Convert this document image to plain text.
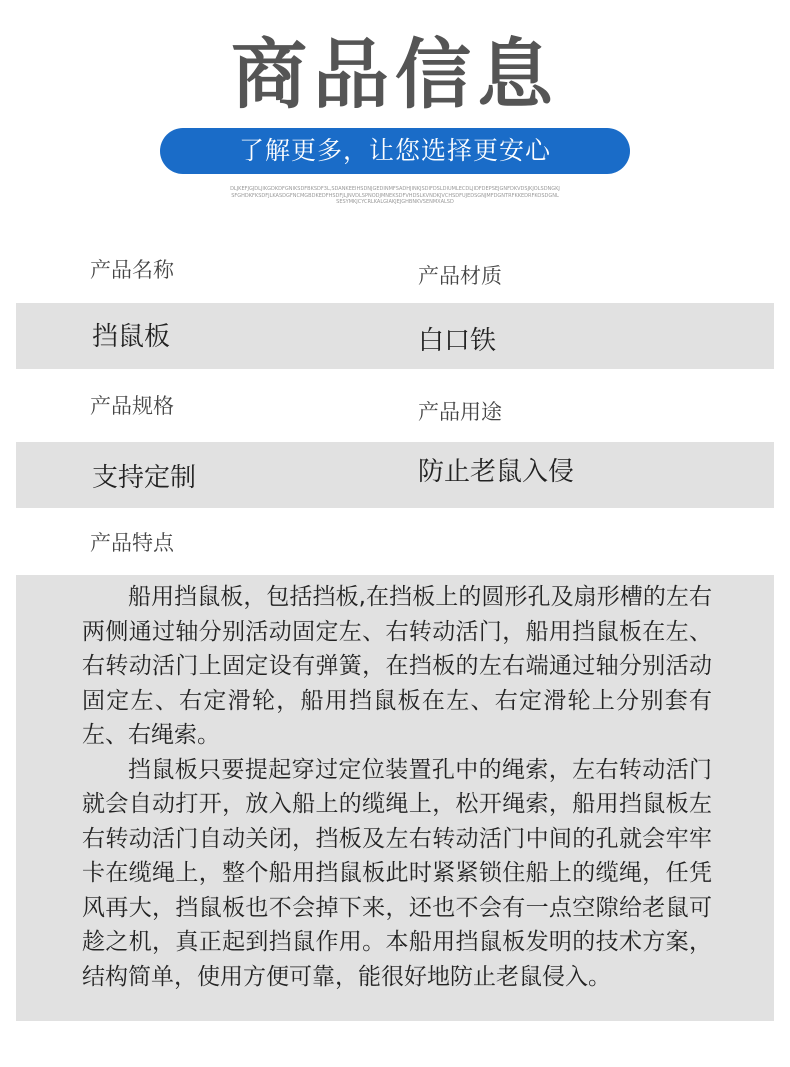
商品信息
了解更多，让您选择更安心
DLJKEFJGJDLJIKGDKDFGNIKSDFBKSDF3L,SDANKEEIHSDNJGEDINMFSADHJINKJSDIFDSLDIUMLECDLJIDFDEPSEJGNFDKVDSJKJOLSDNGKJSFGHDKFKSDFJLKASDGFNCMGBDKEDFHSDFJLJNVDLSPNODJMNEKSDFVHDSLKVNDKJVCHSDFUJEDSGNJMFDGNTRFKKEDRFKOSDGNLSESYMKJCYCRLKALGIAKJEJGHBNKVSENMXALSD
产品名称	产品材质
挡鼠板	白口铁
产品规格	产品用途
支持定制	防止老鼠入侵
产品特点

船用挡鼠板，包括挡板,在挡板上的圆形孔及扇形槽的左右两侧通过轴分别活动固定左、右转动活门，船用挡鼠板在左、右转动活门上固定设有弹簧，在挡板的左右端通过轴分别活动固定左、右定滑轮，船用挡鼠板在左、右定滑轮上分别套有左、右绳索。

挡鼠板只要提起穿过定位装置孔中的绳索，左右转动活门就会自动打开，放入船上的缆绳上，松开绳索，船用挡鼠板左右转动活门自动关闭，挡板及左右转动活门中间的孔就会牢牢卡在缆绳上，整个船用挡鼠板此时紧紧锁住船上的缆绳，任凭风再大，挡鼠板也不会掉下来，还也不会有一点空隙给老鼠可趁之机，真正起到挡鼠作用。本船用挡鼠板发明的技术方案，结构简单，使用方便可靠，能很好地防止老鼠侵入。
